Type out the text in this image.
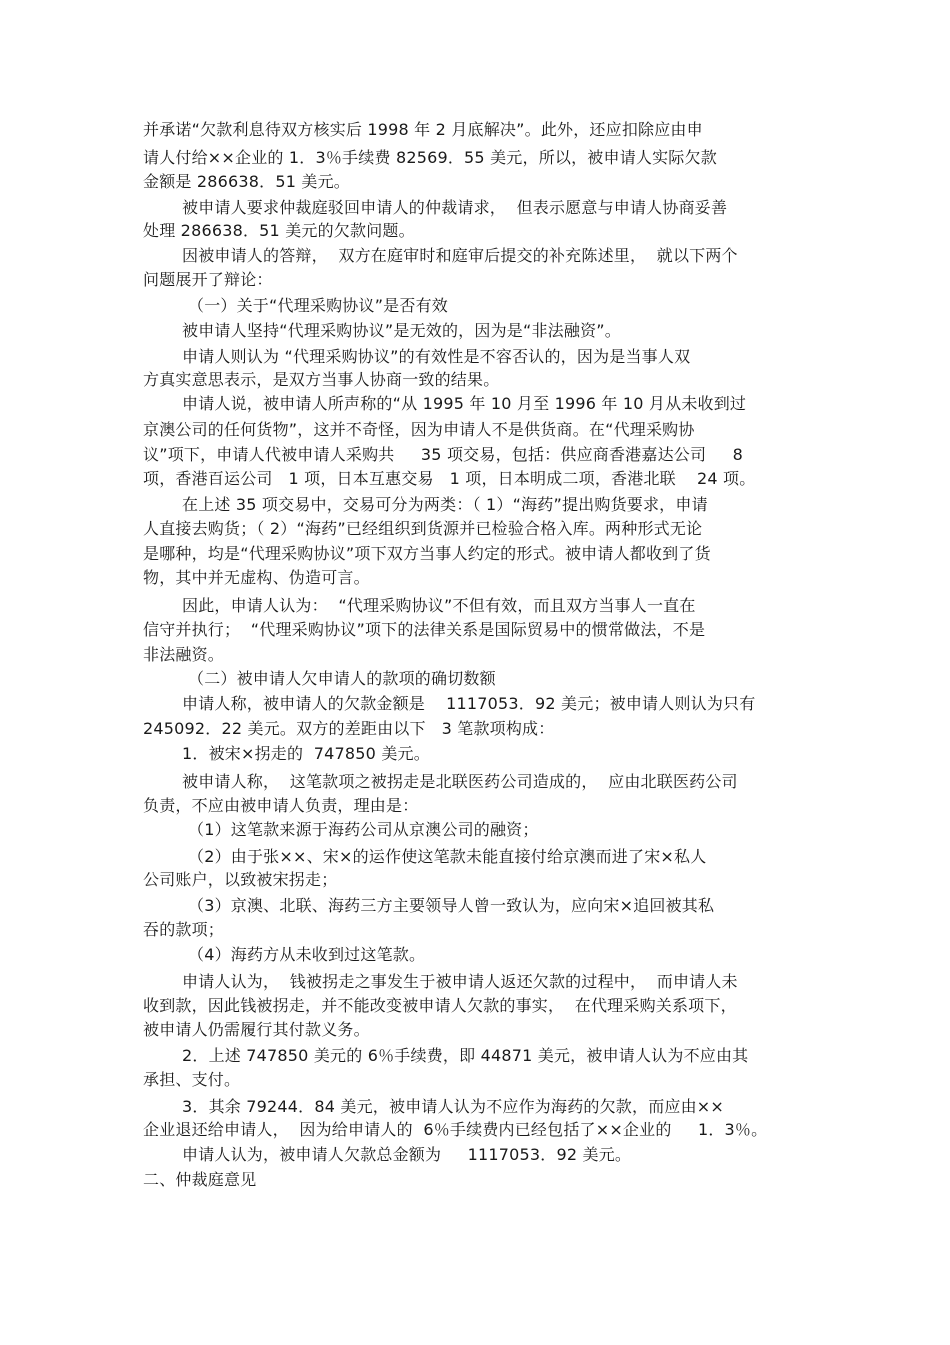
并承诺“欠款利息待双方核实后 1998 年 2 月底解决”。此外，还应扣除应由申
请人付给××企业的 1．3％手续费 82569．55 美元，所以，被申请人实际欠款
金额是 286638．51 美元。
被申请人要求仲裁庭驳回申请人的仲裁请求，  但表示愿意与申请人协商妥善
处理 286638．51 美元的欠款问题。
因被申请人的答辩，  双方在庭审时和庭审后提交的补充陈述里，  就以下两个
问题展开了辩论：
（一）关于“代理采购协议”是否有效
被申请人坚持“代理采购协议”是无效的，因为是“非法融资”。
申请人则认为 “代理采购协议”的有效性是不容否认的，因为是当事人双
方真实意思表示，是双方当事人协商一致的结果。
申请人说，被申请人所声称的“从 1995 年 10 月至 1996 年 10 月从未收到过
京澳公司的任何货物”，这并不奇怪，因为申请人不是供货商。在“代理采购协
议”项下，申请人代被申请人采购共     35 项交易，包括：供应商香港嘉达公司     8
项，香港百运公司   1 项，日本互惠交易   1 项，日本明成二项，香港北联    24 项。
在上述 35 项交易中，交易可分为两类：（ 1）“海药”提出购货要求，申请
人直接去购货；（ 2）“海药”已经组织到货源并已检验合格入库。两种形式无论
是哪种，均是“代理采购协议”项下双方当事人约定的形式。被申请人都收到了货
物，其中并无虚构、伪造可言。
因此，申请人认为：  “代理采购协议”不但有效，而且双方当事人一直在
信守并执行；  “代理采购协议”项下的法律关系是国际贸易中的惯常做法，不是
非法融资。
（二）被申请人欠申请人的款项的确切数额
申请人称，被申请人的欠款金额是    1117053．92 美元；被申请人则认为只有
245092．22 美元。双方的差距由以下   3 笔款项构成：
1．被宋×拐走的  747850 美元。
被申请人称，  这笔款项之被拐走是北联医药公司造成的，  应由北联医药公司
负责，不应由被申请人负责，理由是：
（1）这笔款来源于海药公司从京澳公司的融资；
（2）由于张××、宋×的运作使这笔款未能直接付给京澳而进了宋×私人
公司账户，以致被宋拐走；
（3）京澳、北联、海药三方主要领导人曾一致认为，应向宋×追回被其私
吞的款项；
（4）海药方从未收到过这笔款。
申请人认为，  钱被拐走之事发生于被申请人返还欠款的过程中，  而申请人未
收到款，因此钱被拐走，并不能改变被申请人欠款的事实，  在代理采购关系项下，
被申请人仍需履行其付款义务。
2．上述 747850 美元的 6％手续费，即 44871 美元，被申请人认为不应由其
承担、支付。
3．其余 79244．84 美元，被申请人认为不应作为海药的欠款，而应由××
企业退还给申请人，  因为给申请人的  6％手续费内已经包括了××企业的     1．3％。
申请人认为，被申请人欠款总金额为     1117053．92 美元。
二、仲裁庭意见
